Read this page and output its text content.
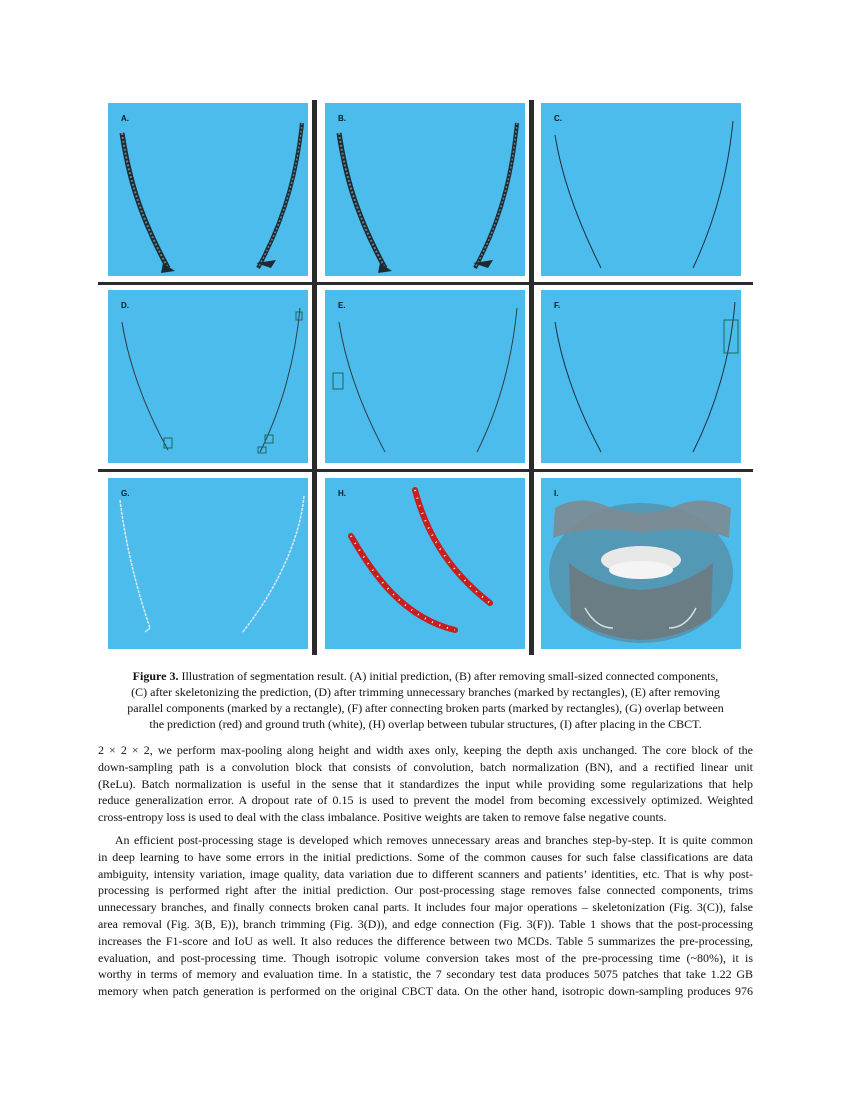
A.	B.	C.
D.	E.	F.
G.	H.	I.
Figure 3. Illustration of segmentation result. (A) initial prediction, (B) after removing small-sized connected components,
(C) after skeletonizing the prediction, (D) after trimming unnecessary branches (marked by rectangles), (E) after removing
parallel components (marked by a rectangle), (F) after connecting broken parts (marked by rectangles), (G) overlap between
the prediction (red) and ground truth (white), (H) overlap between tubular structures, (I) after placing in the CBCT.
2 × 2 × 2, we perform max-pooling along height and width axes only, keeping the depth axis unchanged. The core block of the
down-sampling path is a convolution block that consists of convolution, batch normalization (BN), and a rectified linear unit
(ReLu). Batch normalization is useful in the sense that it standardizes the input while providing some regularizations that help
reduce generalization error. A dropout rate of 0.15 is used to prevent the model from becoming excessively optimized. Weighted
cross-entropy loss is used to deal with the class imbalance. Positive weights are taken to remove false negative counts.
An efficient post-processing stage is developed which removes unnecessary areas and branches step-by-step. It is quite common
in deep learning to have some errors in the initial predictions. Some of the common causes for such false classifications are data
ambiguity, intensity variation, image quality, data variation due to different scanners and patients’ identities, etc. That is why post-
processing is performed right after the initial prediction. Our post-processing stage removes false connected components, trims
unnecessary branches, and finally connects broken canal parts. It includes four major operations – skeletonization (Fig. 3(C)), false
area removal (Fig. 3(B, E)), branch trimming (Fig. 3(D)), and edge connection (Fig. 3(F)). Table 1 shows that the post-processing
increases the F1-score and IoU as well. It also reduces the difference between two MCDs. Table 5 summarizes the pre-processing,
evaluation, and post-processing time. Though isotropic volume conversion takes most of the pre-processing time (~80%), it is
worthy in terms of memory and evaluation time. In a statistic, the 7 secondary test data produces 5075 patches that take 1.22 GB
memory when patch generation is performed on the original CBCT data. On the other hand, isotropic down-sampling produces 976
